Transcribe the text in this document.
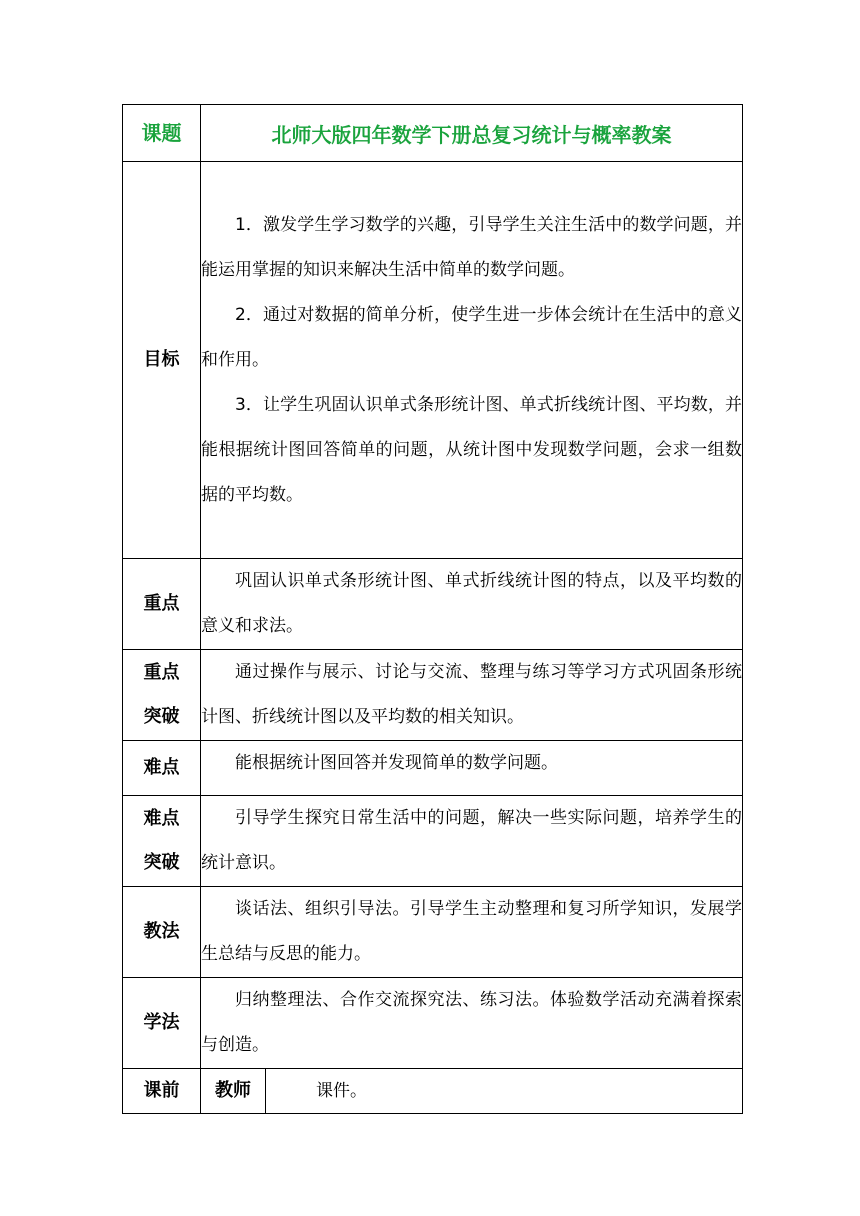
课题	北师大版四年数学下册总复习统计与概率教案
目标	1．激发学生学习数学的兴趣，引导学生关注生活中的数学问题，并能运用掌握的知识来解决生活中简单的数学问题。

2．通过对数据的简单分析，使学生进一步体会统计在生活中的意义和作用。

3．让学生巩固认识单式条形统计图、单式折线统计图、平均数，并能根据统计图回答简单的问题，从统计图中发现数学问题，会求一组数据的平均数。

重点	巩固认识单式条形统计图、单式折线统计图的特点，以及平均数的意义和求法。

重点
突破	通过操作与展示、讨论与交流、整理与练习等学习方式巩固条形统计图、折线统计图以及平均数的相关知识。

难点	能根据统计图回答并发现简单的数学问题。

难点
突破	引导学生探究日常生活中的问题，解决一些实际问题，培养学生的统计意识。

教法	谈话法、组织引导法。引导学生主动整理和复习所学知识，发展学生总结与反思的能力。

学法	归纳整理法、合作交流探究法、练习法。体验数学活动充满着探索与创造。

课前	教师 课件。
